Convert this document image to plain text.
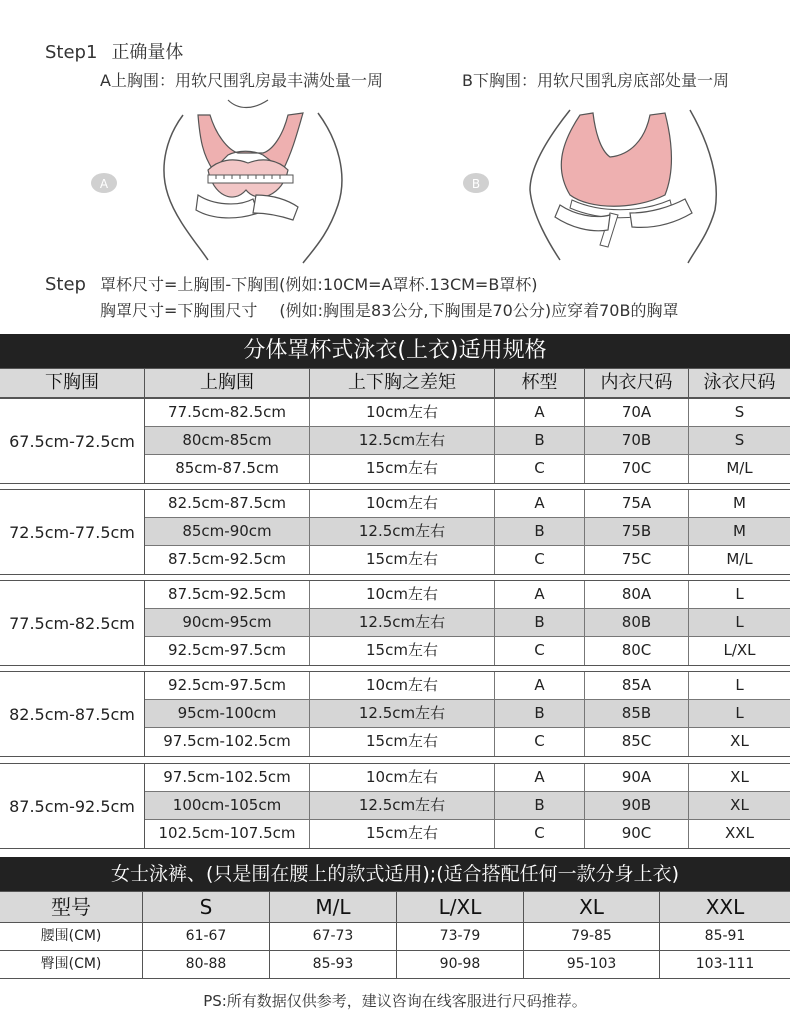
Step1 正确量体
A上胸围：用软尺围乳房最丰满处量一周	B下胸围：用软尺围乳房底部处量一周
A	B
Step 罩杯尺寸=上胸围-下胸围(例如:10CM=A罩杯.13CM=B罩杯)
胸罩尺寸=下胸围尺寸 (例如:胸围是83公分,下胸围是70公分)应穿着70B的胸罩
分体罩杯式泳衣(上衣)适用规格
下胸围	上胸围	上下胸之差矩	杯型	内衣尺码	泳衣尺码
67.5cm-72.5cm
77.5cm-82.5cm	10cm左右	A	70A	S
80cm-85cm	12.5cm左右	B	70B	S
85cm-87.5cm	15cm左右	C	70C	M/L
72.5cm-77.5cm
82.5cm-87.5cm	10cm左右	A	75A	M
85cm-90cm	12.5cm左右	B	75B	M
87.5cm-92.5cm	15cm左右	C	75C	M/L
77.5cm-82.5cm
87.5cm-92.5cm	10cm左右	A	80A	L
90cm-95cm	12.5cm左右	B	80B	L
92.5cm-97.5cm	15cm左右	C	80C	L/XL
82.5cm-87.5cm
92.5cm-97.5cm	10cm左右	A	85A	L
95cm-100cm	12.5cm左右	B	85B	L
97.5cm-102.5cm	15cm左右	C	85C	XL
87.5cm-92.5cm
97.5cm-102.5cm	10cm左右	A	90A	XL
100cm-105cm	12.5cm左右	B	90B	XL
102.5cm-107.5cm	15cm左右	C	90C	XXL
女士泳裤、(只是围在腰上的款式适用);(适合搭配任何一款分身上衣)
型号	S	M/L	L/XL	XL	XXL
腰围(CM)	61-67	67-73	73-79	79-85	85-91
臀围(CM)	80-88	85-93	90-98	95-103	103-111
PS:所有数据仅供参考，建议咨询在线客服进行尺码推荐。
